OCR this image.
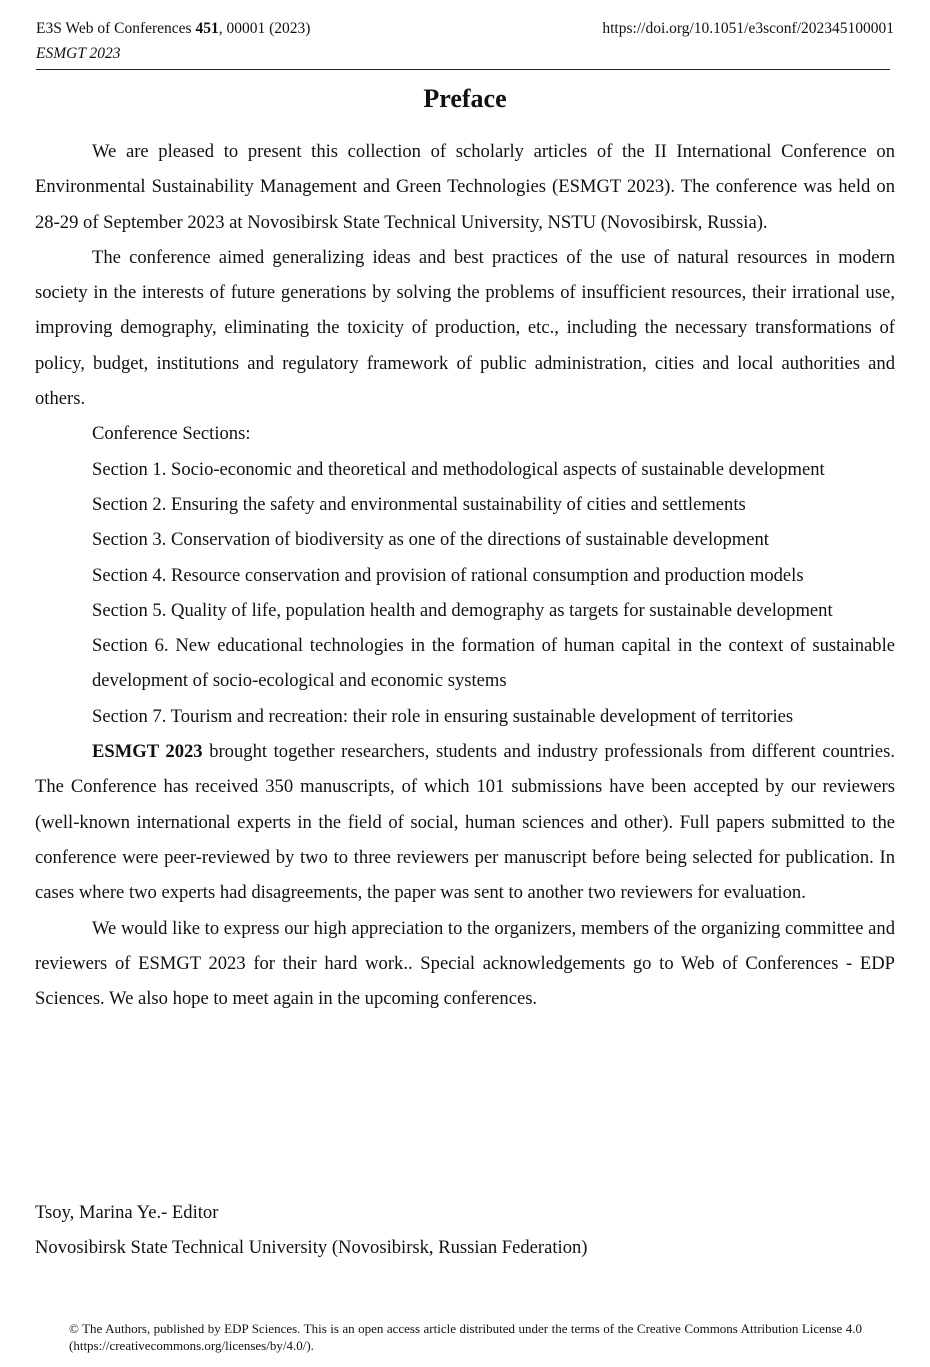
E3S Web of Conferences 451, 00001 (2023)
ESMGT 2023
https://doi.org/10.1051/e3sconf/202345100001
Preface

We are pleased to present this collection of scholarly articles of the II International Conference on Environmental Sustainability Management and Green Technologies (ESMGT 2023). The conference was held on 28-29 of September 2023 at Novosibirsk State Technical University, NSTU (Novosibirsk, Russia).

The conference aimed generalizing ideas and best practices of the use of natural resources in modern society in the interests of future generations by solving the problems of insufficient resources, their irrational use, improving demography, eliminating the toxicity of production, etc., including the necessary transformations of policy, budget, institutions and regulatory framework of public administration, cities and local authorities and others.

Conference Sections:

Section 1. Socio-economic and theoretical and methodological aspects of sustainable development

Section 2. Ensuring the safety and environmental sustainability of cities and settlements

Section 3. Conservation of biodiversity as one of the directions of sustainable development

Section 4. Resource conservation and provision of rational consumption and production models

Section 5. Quality of life, population health and demography as targets for sustainable development

Section 6. New educational technologies in the formation of human capital in the context of sustainable development of socio-ecological and economic systems

Section 7. Tourism and recreation: their role in ensuring sustainable development of territories

ESMGT 2023 brought together researchers, students and industry professionals from different countries. The Conference has received 350 manuscripts, of which 101 submissions have been accepted by our reviewers (well-known international experts in the field of social, human sciences and other). Full papers submitted to the conference were peer-reviewed by two to three reviewers per manuscript before being selected for publication. In cases where two experts had disagreements, the paper was sent to another two reviewers for evaluation.

We would like to express our high appreciation to the organizers, members of the organizing committee and reviewers of ESMGT 2023 for their hard work.. Special acknowledgements go to Web of Conferences - EDP Sciences. We also hope to meet again in the upcoming conferences.

Tsoy, Marina Ye.- Editor
Novosibirsk State Technical University (Novosibirsk, Russian Federation)
© The Authors, published by EDP Sciences. This is an open access article distributed under the terms of the Creative Commons Attribution License 4.0 (https://creativecommons.org/licenses/by/4.0/).
